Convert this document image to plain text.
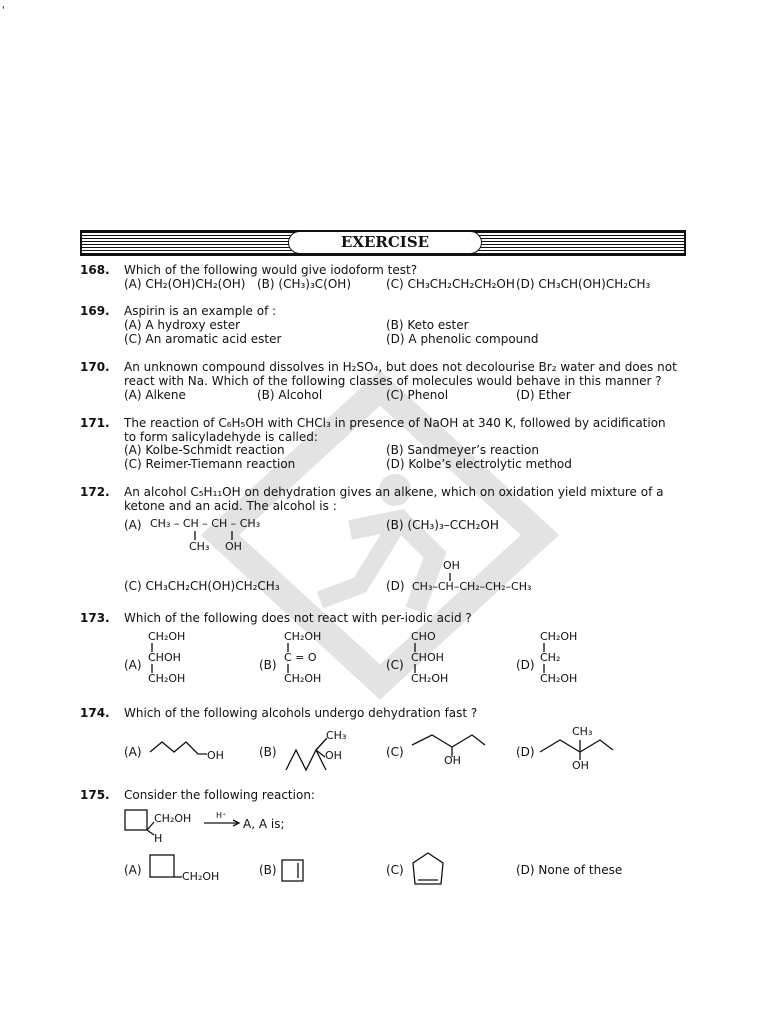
'
EXERCISE
168. Which of the following would give iodoform test?
(A) CH₂(OH)CH₂(OH) (B) (CH₃)₃C(OH)	(C) CH₃CH₂CH₂CH₂OH (D) CH₃CH(OH)CH₂CH₃
169. Aspirin is an example of :
(A) A hydroxy ester	(B) Keto ester
(C) An aromatic acid ester	(D) A phenolic compound
170. An unknown compound dissolves in H₂SO₄, but does not decolourise Br₂ water and does not
react with Na. Which of the following classes of molecules would behave in this manner ?
(A) Alkene	(B) Alcohol	(C) Phenol	(D) Ether
171. The reaction of C₆H₅OH with CHCl₃ in presence of NaOH at 340 K, followed by acidification
to form salicyladehyde is called:
(A) Kolbe-Schmidt reaction	(B) Sandmeyer’s reaction
(C) Reimer-Tiemann reaction	(D) Kolbe’s electrolytic method
172. An alcohol C₅H₁₁OH on dehydration gives an alkene, which on oxidation yield mixture of a
ketone and an acid. The alcohol is :
(A) CH₃ – CH – CH – CH₃
CH₃ OH
(B) (CH₃)₃–CCH₂OH
(C) CH₃CH₂CH(OH)CH₂CH₃	(D)
OH
CH₃–CH–CH₂–CH₂–CH₃
173. Which of the following does not react with per-iodic acid ?
(A)
CH₂OH
CHOH
CH₂OH
(B)
CH₂OH
C = O
CH₂OH
(C)
CHO
CHOH
CH₂OH
(D)
CH₂OH
CH₂
CH₂OH
174. Which of the following alcohols undergo dehydration fast ?
(A)	OH	(B)
CH₃
OH	(C)
OH
(D)
CH₃
OH
175. Consider the following reaction:
CH₂OH
H
H⁺
A, A is;
(A)	CH₂OH	(B)	(C)	(D) None of these
